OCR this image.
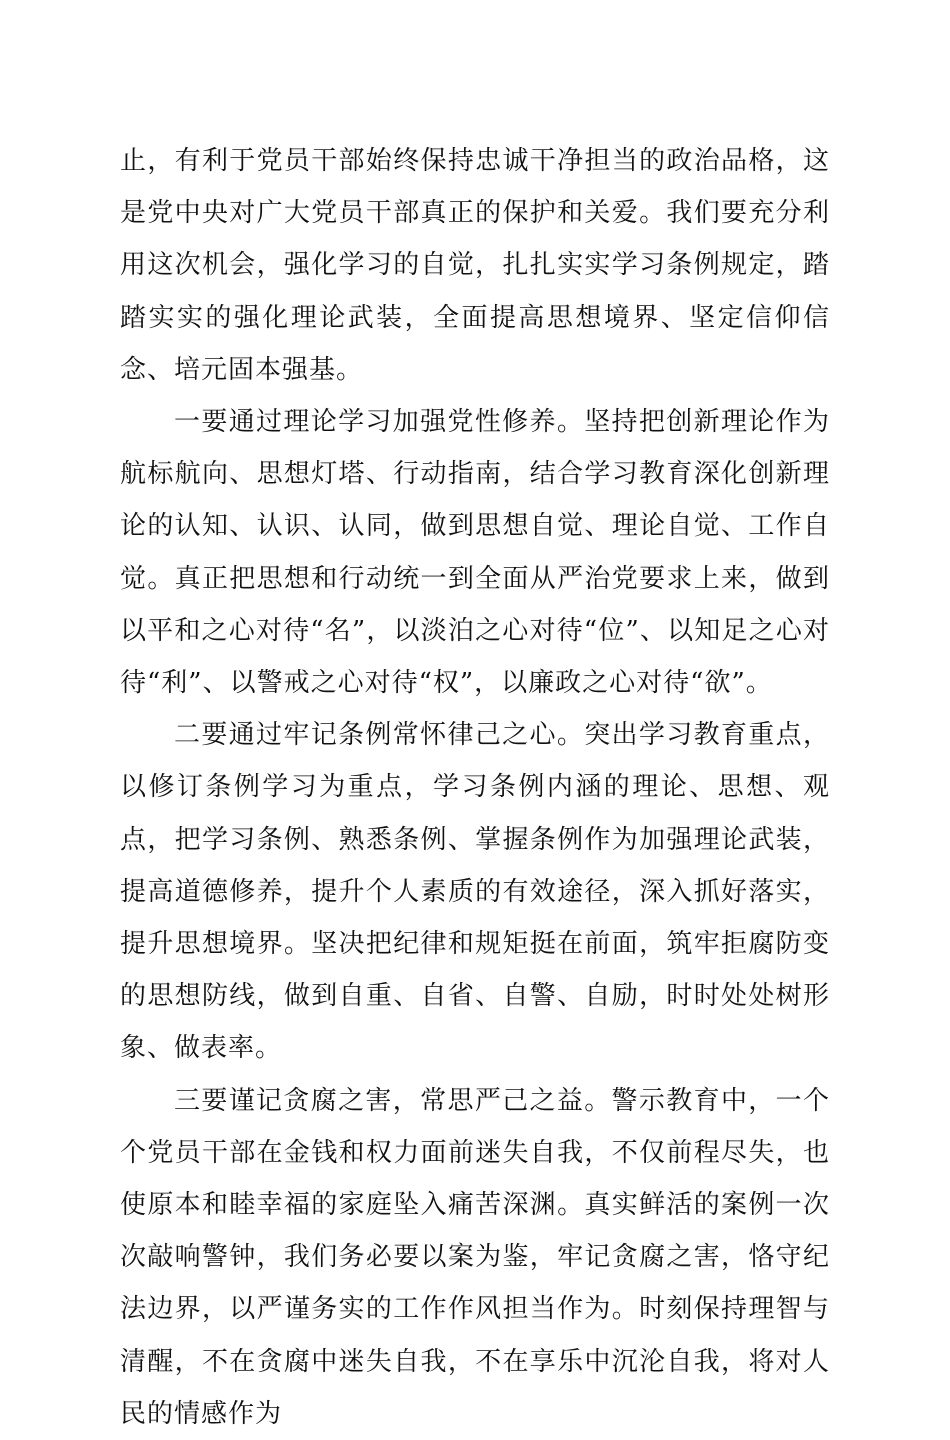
止，有利于党员干部始终保持忠诚干净担当的政治品格，这是党中央对广大党员干部真正的保护和关爱。我们要充分利用这次机会，强化学习的自觉，扎扎实实学习条例规定，踏踏实实的强化理论武装，全面提高思想境界、坚定信仰信念、培元固本强基。

一要通过理论学习加强党性修养。坚持把创新理论作为航标航向、思想灯塔、行动指南，结合学习教育深化创新理论的认知、认识、认同，做到思想自觉、理论自觉、工作自觉。真正把思想和行动统一到全面从严治党要求上来，做到以平和之心对待“名”，以淡泊之心对待“位”、以知足之心对待“利”、以警戒之心对待“权”，以廉政之心对待“欲”。

二要通过牢记条例常怀律己之心。突出学习教育重点，以修订条例学习为重点，学习条例内涵的理论、思想、观点，把学习条例、熟悉条例、掌握条例作为加强理论武装，提高道德修养，提升个人素质的有效途径，深入抓好落实，提升思想境界。坚决把纪律和规矩挺在前面，筑牢拒腐防变的思想防线，做到自重、自省、自警、自励，时时处处树形象、做表率。

三要谨记贪腐之害，常思严己之益。警示教育中，一个个党员干部在金钱和权力面前迷失自我，不仅前程尽失，也使原本和睦幸福的家庭坠入痛苦深渊。真实鲜活的案例一次次敲响警钟，我们务必要以案为鉴，牢记贪腐之害，恪守纪法边界，以严谨务实的工作作风担当作为。时刻保持理智与清醒，不在贪腐中迷失自我，不在享乐中沉沦自我，将对人民的情感作为
